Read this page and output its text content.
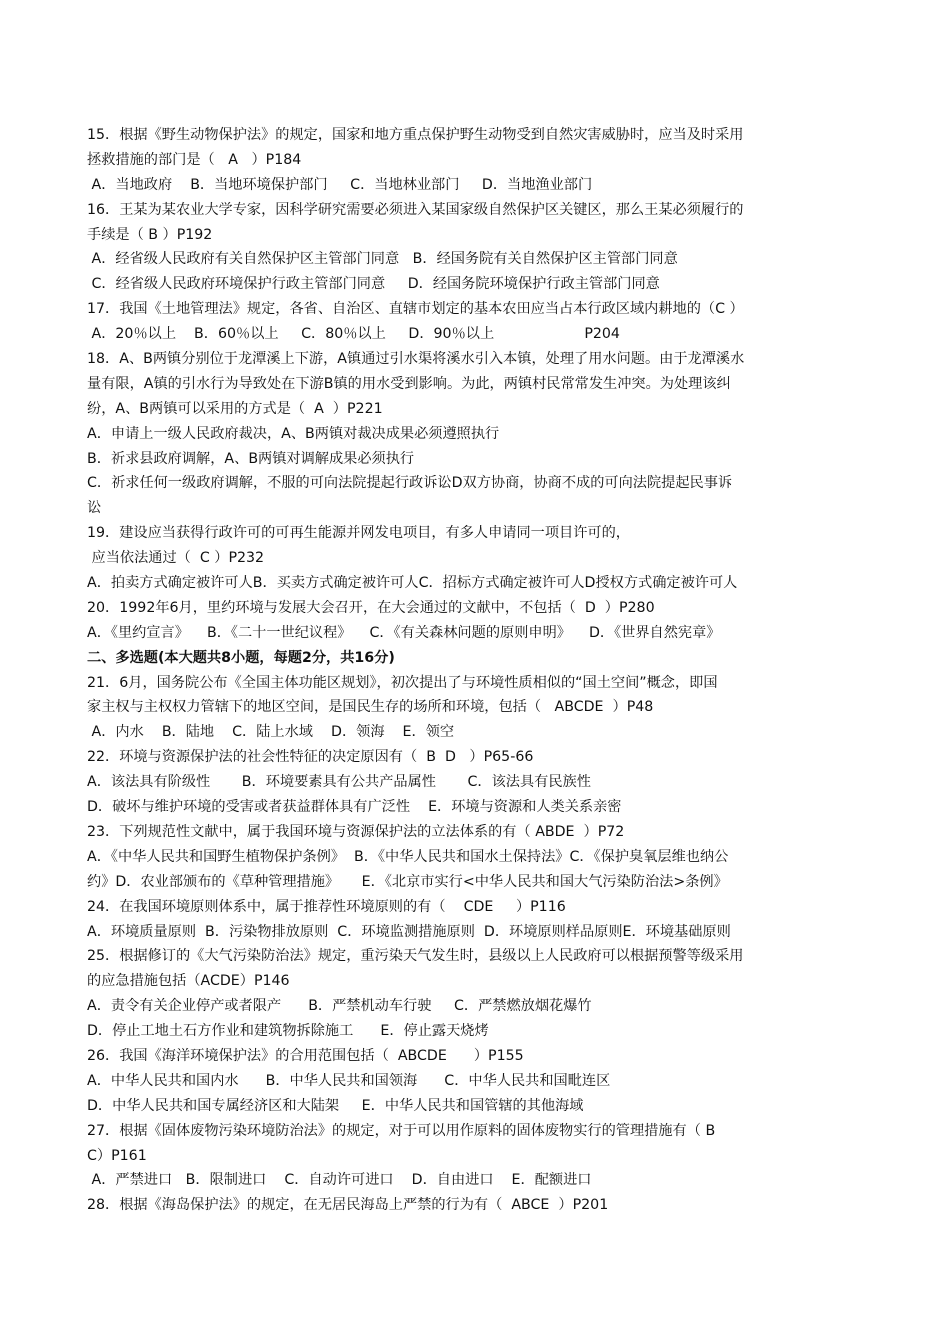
15．根据《野生动物保护法》的规定，国家和地方重点保护野生动物受到自然灾害威胁时，应当及时采用
拯救措施的部门是（   A   ）P184
A．当地政府    B．当地环境保护部门     C．当地林业部门     D．当地渔业部门
16．王某为某农业大学专家，因科学研究需要必须进入某国家级自然保护区关键区，那么王某必须履行的
手续是（ B ）P192
A．经省级人民政府有关自然保护区主管部门同意   B．经国务院有关自然保护区主管部门同意
C．经省级人民政府环境保护行政主管部门同意     D．经国务院环境保护行政主管部门同意
17．我国《土地管理法》规定，各省、自治区、直辖市划定的基本农田应当占本行政区域内耕地的（C ）
A．20％以上    B．60％以上     C．80％以上     D．90％以上                    P204
18．A、B两镇分别位于龙潭溪上下游，A镇通过引水渠将溪水引入本镇，处理了用水问题。由于龙潭溪水
量有限，A镇的引水行为导致处在下游B镇的用水受到影响。为此，两镇村民常常发生冲突。为处理该纠
纷，A、B两镇可以采用的方式是（  A  ）P221
A．申请上一级人民政府裁决，A、B两镇对裁决成果必须遵照执行
B．祈求县政府调解，A、B两镇对调解成果必须执行
C．祈求任何一级政府调解，不服的可向法院提起行政诉讼D双方协商，协商不成的可向法院提起民事诉
讼
19．建设应当获得行政许可的可再生能源并网发电项目，有多人申请同一项目许可的，
应当依法通过（  C ）P232
A．拍卖方式确定被许可人B．买卖方式确定被许可人C．招标方式确定被许可人D授权方式确定被许可人
20．1992年6月，里约环境与发展大会召开，在大会通过的文献中，不包括（  D  ）P280
A．《里约宣言》    B．《二十一世纪议程》    C．《有关森林问题的原则申明》    D．《世界自然宪章》
二、多选题(本大题共8小题，每题2分，共16分)
21．6月，国务院公布《全国主体功能区规划》，初次提出了与环境性质相似的“国土空间”概念，即国
家主权与主权权力管辖下的地区空间，是国民生存的场所和环境，包括（   ABCDE  ）P48
A．内水    B．陆地    C．陆上水域    D．领海    E．领空
22．环境与资源保护法的社会性特征的决定原因有（  B  D   ）P65-66
A．该法具有阶级性       B．环境要素具有公共产品属性       C．该法具有民族性
D．破坏与维护环境的受害或者获益群体具有广泛性    E．环境与资源和人类关系亲密
23．下列规范性文献中，属于我国环境与资源保护法的立法体系的有（ ABDE  ）P72
A．《中华人民共和国野生植物保护条例》  B．《中华人民共和国水土保持法》C．《保护臭氧层维也纳公
约》D．农业部颁布的《草种管理措施》     E．《北京市实行<中华人民共和国大气污染防治法>条例》
24．在我国环境原则体系中，属于推荐性环境原则的有（    CDE     ）P116
A．环境质量原则  B．污染物排放原则  C．环境监测措施原则  D．环境原则样品原则E．环境基础原则
25．根据修订的《大气污染防治法》规定，重污染天气发生时，县级以上人民政府可以根据预警等级采用
的应急措施包括（ACDE）P146
A．责令有关企业停产或者限产      B．严禁机动车行驶     C．严禁燃放烟花爆竹
D．停止工地土石方作业和建筑物拆除施工      E．停止露天烧烤
26．我国《海洋环境保护法》的合用范围包括（  ABCDE      ）P155
A．中华人民共和国内水      B．中华人民共和国领海      C．中华人民共和国毗连区
D．中华人民共和国专属经济区和大陆架     E．中华人民共和国管辖的其他海域
27．根据《固体废物污染环境防治法》的规定，对于可以用作原料的固体废物实行的管理措施有（ B
C）P161
A．严禁进口   B．限制进口    C．自动许可进口    D．自由进口    E．配额进口
28．根据《海岛保护法》的规定，在无居民海岛上严禁的行为有（  ABCE  ）P201
